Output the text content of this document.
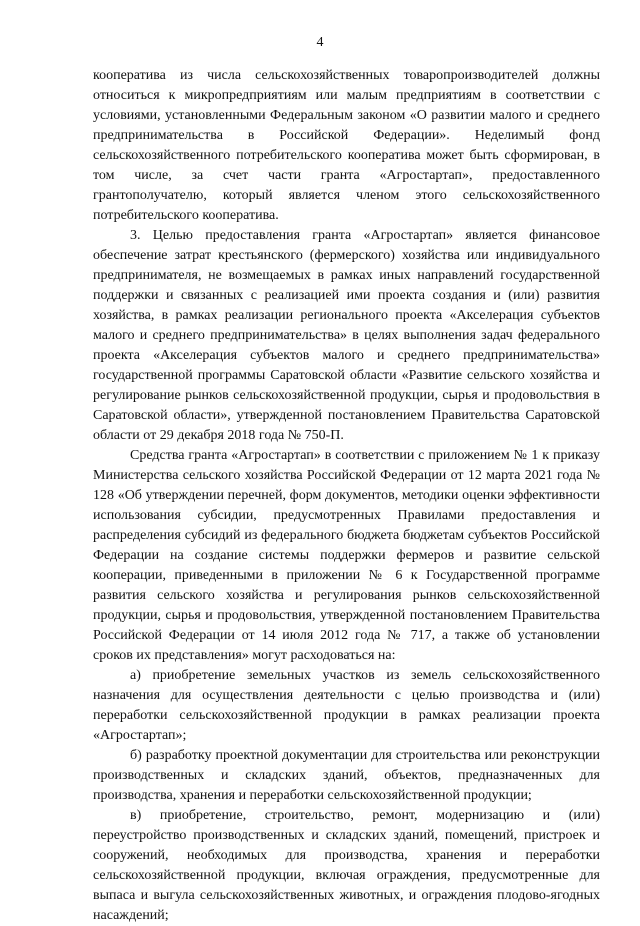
4

кооператива из числа сельскохозяйственных товаропроизводителей должны относиться к микропредприятиям или малым предприятиям в соответствии с условиями, установленными Федеральным законом «О развитии малого и среднего предпринимательства в Российской Федерации». Неделимый фонд сельскохозяйственного потребительского кооператива может быть сформирован, в том числе, за счет части гранта «Агростартап», предоставленного грантополучателю, который является членом этого сельскохозяйственного потребительского кооператива.

3. Целью предоставления гранта «Агростартап» является финансовое обеспечение затрат крестьянского (фермерского) хозяйства или индивидуального предпринимателя, не возмещаемых в рамках иных направлений государственной поддержки и связанных с реализацией ими проекта создания и (или) развития хозяйства, в рамках реализации регионального проекта «Акселерация субъектов малого и среднего предпринимательства» в целях выполнения задач федерального проекта «Акселерация субъектов малого и среднего предпринимательства» государственной программы Саратовской области «Развитие сельского хозяйства и регулирование рынков сельскохозяйственной продукции, сырья и продовольствия в Саратовской области», утвержденной постановлением Правительства Саратовской области от 29 декабря 2018 года № 750-П.

Средства гранта «Агростартап» в соответствии с приложением № 1 к приказу Министерства сельского хозяйства Российской Федерации от 12 марта 2021 года № 128 «Об утверждении перечней, форм документов, методики оценки эффективности использования субсидии, предусмотренных Правилами предоставления и распределения субсидий из федерального бюджета бюджетам субъектов Российской Федерации на создание системы поддержки фермеров и развитие сельской кооперации, приведенными в приложении № 6 к Государственной программе развития сельского хозяйства и регулирования рынков сельскохозяйственной продукции, сырья и продовольствия, утвержденной постановлением Правительства Российской Федерации от 14 июля 2012 года № 717, а также об установлении сроков их представления» могут расходоваться на:

а) приобретение земельных участков из земель сельскохозяйственного назначения для осуществления деятельности с целью производства и (или) переработки сельскохозяйственной продукции в рамках реализации проекта «Агростартап»;

б) разработку проектной документации для строительства или реконструкции производственных и складских зданий, объектов, предназначенных для производства, хранения и переработки сельскохозяйственной продукции;

в) приобретение, строительство, ремонт, модернизацию и (или) переустройство производственных и складских зданий, помещений, пристроек и сооружений, необходимых для производства, хранения и переработки сельскохозяйственной продукции, включая ограждения, предусмотренные для выпаса и выгула сельскохозяйственных животных, и ограждения плодово-ягодных насаждений;
